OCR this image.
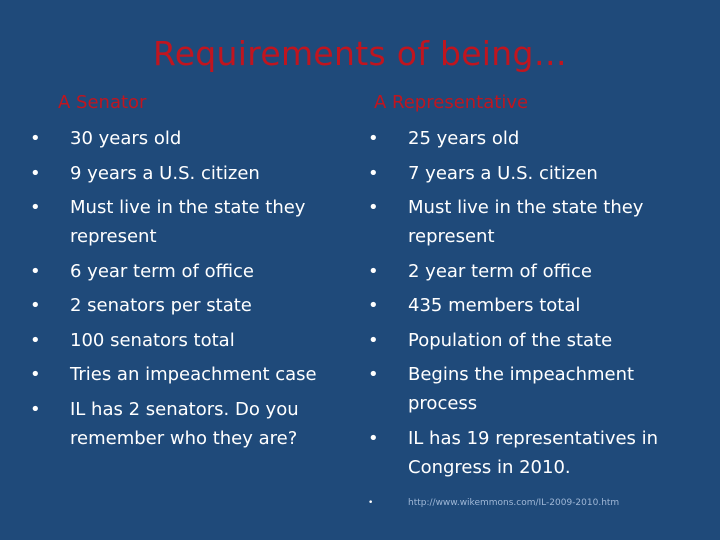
Requirements of being…
A Senator	A Representative
• 30 years old
• 9 years a U.S. citizen
• Must live in the state they represent
• 6 year term of office
• 2 senators per state
• 100 senators total
• Tries an impeachment case
• IL has 2 senators. Do you remember who they are?
• 25 years old
• 7 years a U.S. citizen
• Must live in the state they represent
• 2 year term of office
• 435 members total
• Population of the state
• Begins the impeachment process
• IL has 19 representatives in Congress in 2010.
•	http://www.wikemmons.com/IL-2009-2010.htm
